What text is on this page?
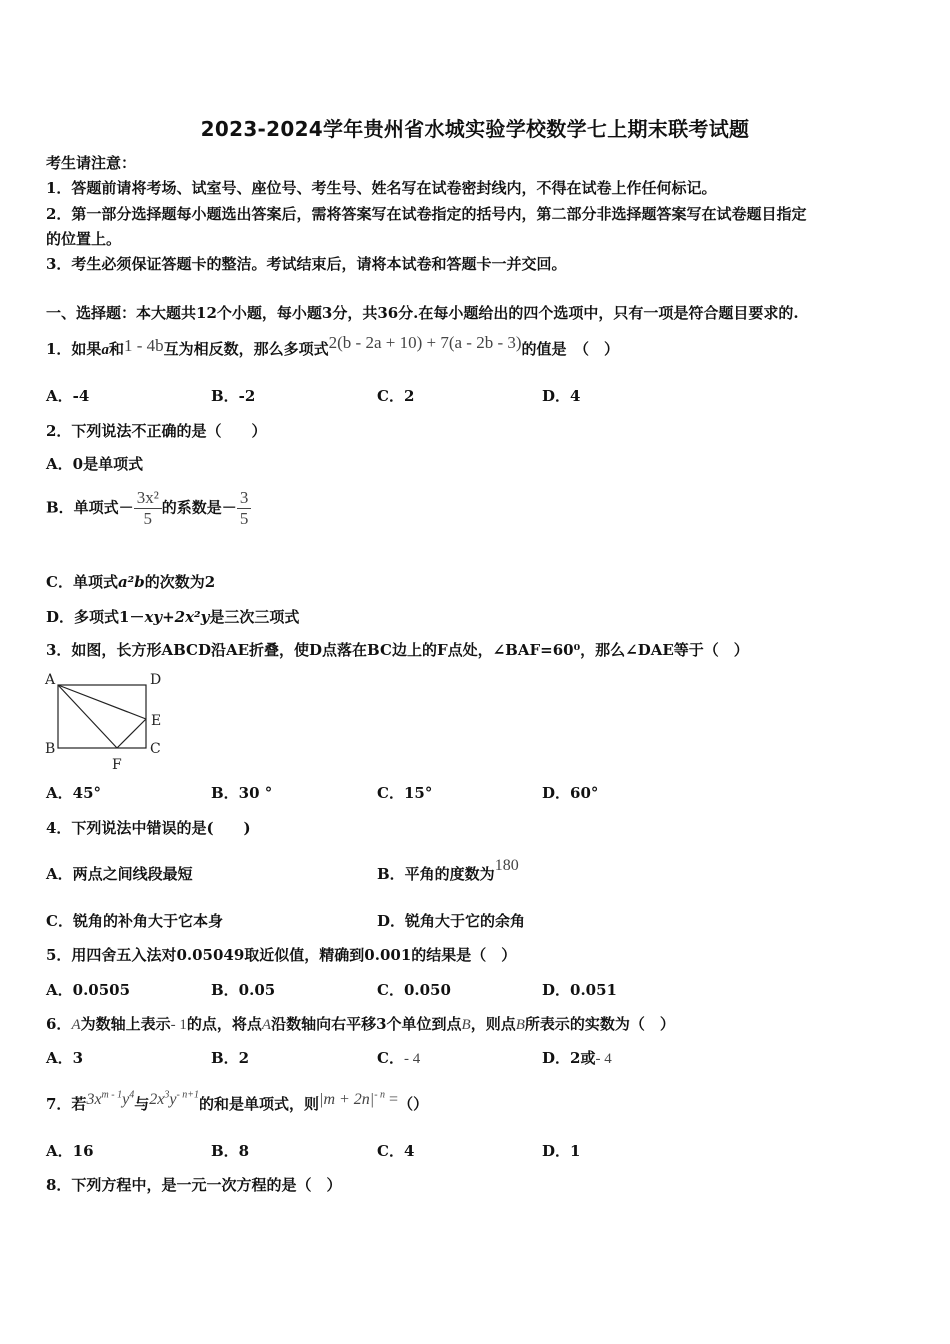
2023-2024学年贵州省水城实验学校数学七上期末联考试题
考生请注意：
1．答题前请将考场、试室号、座位号、考生号、姓名写在试卷密封线内，不得在试卷上作任何标记。
2．第一部分选择题每小题选出答案后，需将答案写在试卷指定的括号内，第二部分非选择题答案写在试卷题目指定
的位置上。
3．考生必须保证答题卡的整洁。考试结束后，请将本试卷和答题卡一并交回。
一、选择题：本大题共12个小题，每小题3分，共36分.在每小题给出的四个选项中，只有一项是符合题目要求的.
1．如果a和1 - 4b互为相反数，那么多项式2(b - 2a + 10) + 7(a - 2b - 3)的值是　（　）
A．-4	B．-2	C．2	D．4
2．下列说法不正确的是（　　）
A．0是单项式
B．单项式－ $\frac{\text{3x²}}{5}$ 的系数是－ $\frac{3}{5}$
C．单项式a²b的次数为2
D．多项式1－xy+2x²y是三次三项式
3．如图，长方形ABCD沿AE折叠，使D点落在BC边上的F点处，∠BAF=60⁰，那么∠DAE等于（　）
A	D
E
B	C
F
A．45°	B．30 °	C．15°	D．60°
4．下列说法中错误的是(　　)
A．两点之间线段最短	B．平角的度数为180
C．锐角的补角大于它本身	D．锐角大于它的余角
5．用四舍五入法对0.05049取近似值，精确到0.001的结果是（　）
A．0.0505	B．0.05	C．0.050	D．0.051
6．A为数轴上表示- 1的点，将点A沿数轴向右平移3个单位到点B，则点B所表示的实数为（　）
A．3	B．2	C．- 4	D．2或- 4
7．若$3x^{m - 1}y^4$与$2x^3y^{- n+1}$的和是单项式，则$|m + 2n|^{- n}$ =（）
A．16	B．8	C．4	D．1
8．下列方程中，是一元一次方程的是（　）
